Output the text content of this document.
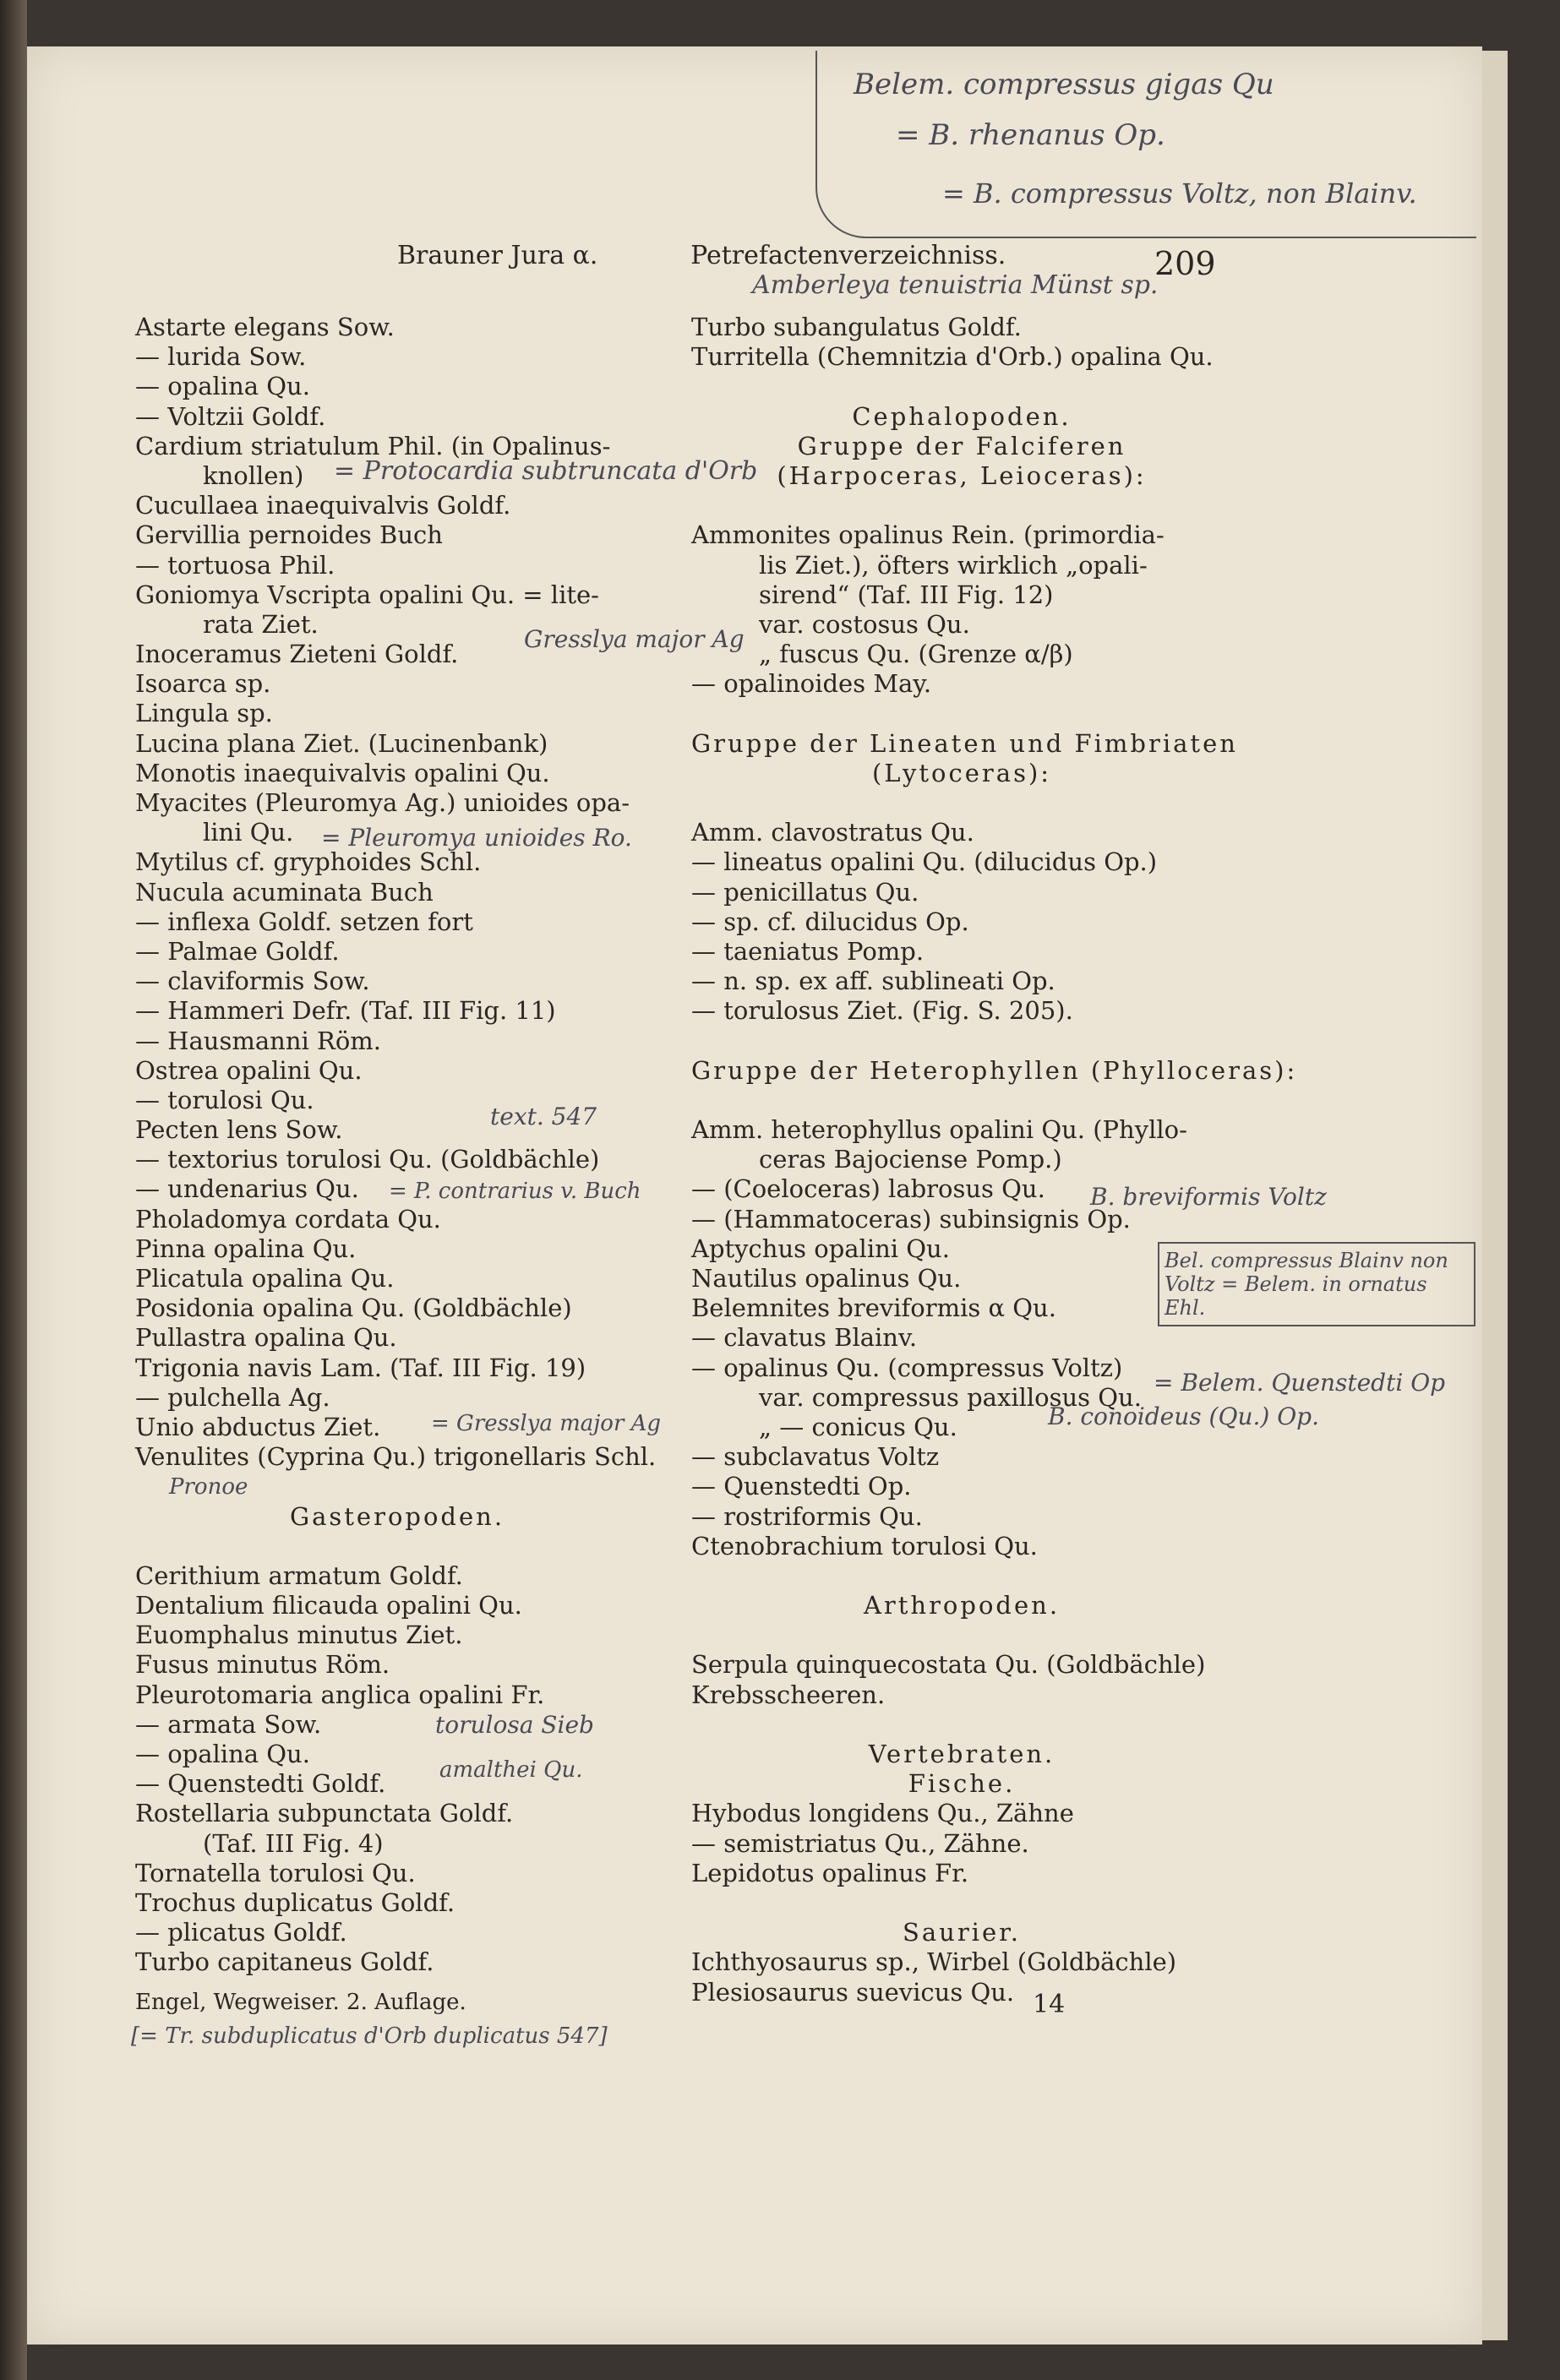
Belem. compressus gigas Qu
= B. rhenanus Op.
= B. compressus Voltz, non Blainv.
Brauner Jura α.	Petrefactenverzeichniss.	209
Amberleya tenuistria Münst sp.
Astarte elegans Sow.
— lurida Sow.
— opalina Qu.
— Voltzii Goldf.
Cardium striatulum Phil. (in Opalinus-
knollen)
Cucullaea inaequivalvis Goldf.
Gervillia pernoides Buch
— tortuosa Phil.
Goniomya Vscripta opalini Qu. = lite-
rata Ziet.
Inoceramus Zieteni Goldf.
Isoarca sp.
Lingula sp.
Lucina plana Ziet. (Lucinenbank)
Monotis inaequivalvis opalini Qu.
Myacites (Pleuromya Ag.) unioides opa-
lini Qu.
Mytilus cf. gryphoides Schl.
Nucula acuminata Buch
— inflexa Goldf. setzen fort
— Palmae Goldf.
— claviformis Sow.
— Hammeri Defr. (Taf. III Fig. 11)
— Hausmanni Röm.
Ostrea opalini Qu.
— torulosi Qu.
Pecten lens Sow.
— textorius torulosi Qu. (Goldbächle)
— undenarius Qu.
Pholadomya cordata Qu.
Pinna opalina Qu.
Plicatula opalina Qu.
Posidonia opalina Qu. (Goldbächle)
Pullastra opalina Qu.
Trigonia navis Lam. (Taf. III Fig. 19)
— pulchella Ag.
Unio abductus Ziet.
Venulites (Cyprina Qu.) trigonellaris Schl.
Gasteropoden.
Cerithium armatum Goldf.
Dentalium filicauda opalini Qu.
Euomphalus minutus Ziet.
Fusus minutus Röm.
Pleurotomaria anglica opalini Fr.
— armata Sow.
— opalina Qu.
— Quenstedti Goldf.
Rostellaria subpunctata Goldf.
(Taf. III Fig. 4)
Tornatella torulosi Qu.
Trochus duplicatus Goldf.
— plicatus Goldf.
Turbo capitaneus Goldf.
Turbo subangulatus Goldf.
Turritella (Chemnitzia d'Orb.) opalina Qu.
Cephalopoden.
Gruppe der Falciferen
(Harpoceras, Leioceras):
Ammonites opalinus Rein. (primordia-
lis Ziet.), öfters wirklich „opali-
sirend“ (Taf. III Fig. 12)
var. costosus Qu.
„ fuscus Qu. (Grenze α/β)
— opalinoides May.
Gruppe der Lineaten und Fimbriaten
(Lytoceras):
Amm. clavostratus Qu.
— lineatus opalini Qu. (dilucidus Op.)
— penicillatus Qu.
— sp. cf. dilucidus Op.
— taeniatus Pomp.
— n. sp. ex aff. sublineati Op.
— torulosus Ziet. (Fig. S. 205).
Gruppe der Heterophyllen (Phylloceras):
Amm. heterophyllus opalini Qu. (Phyllo-
ceras Bajociense Pomp.)
— (Coeloceras) labrosus Qu.
— (Hammatoceras) subinsignis Op.
Aptychus opalini Qu.
Nautilus opalinus Qu.
Belemnites breviformis α Qu.
— clavatus Blainv.
— opalinus Qu. (compressus Voltz)
var. compressus paxillosus Qu.
„ — conicus Qu.
— subclavatus Voltz
— Quenstedti Op.
— rostriformis Qu.
Ctenobrachium torulosi Qu.
Arthropoden.
Serpula quinquecostata Qu. (Goldbächle)
Krebsscheeren.
Vertebraten.
Fische.
Hybodus longidens Qu., Zähne
— semistriatus Qu., Zähne.
Lepidotus opalinus Fr.
Saurier.
Ichthyosaurus sp., Wirbel (Goldbächle)
Plesiosaurus suevicus Qu.
= Protocardia subtruncata d'Orb
Gresslya major Ag
= Pleuromya unioides Ro.
text. 547
= P. contrarius v. Buch	B. breviformis Voltz
Bel. compressus Blainv non Voltz = Belem. in ornatus Ehl.
= Belem. Quenstedti Op
B. conoideus (Qu.) Op.
= Gresslya major Ag
Pronoe
torulosa Sieb
amalthei Qu.
[= Tr. subduplicatus d'Orb duplicatus 547]
Engel, Wegweiser. 2. Auflage.	14
